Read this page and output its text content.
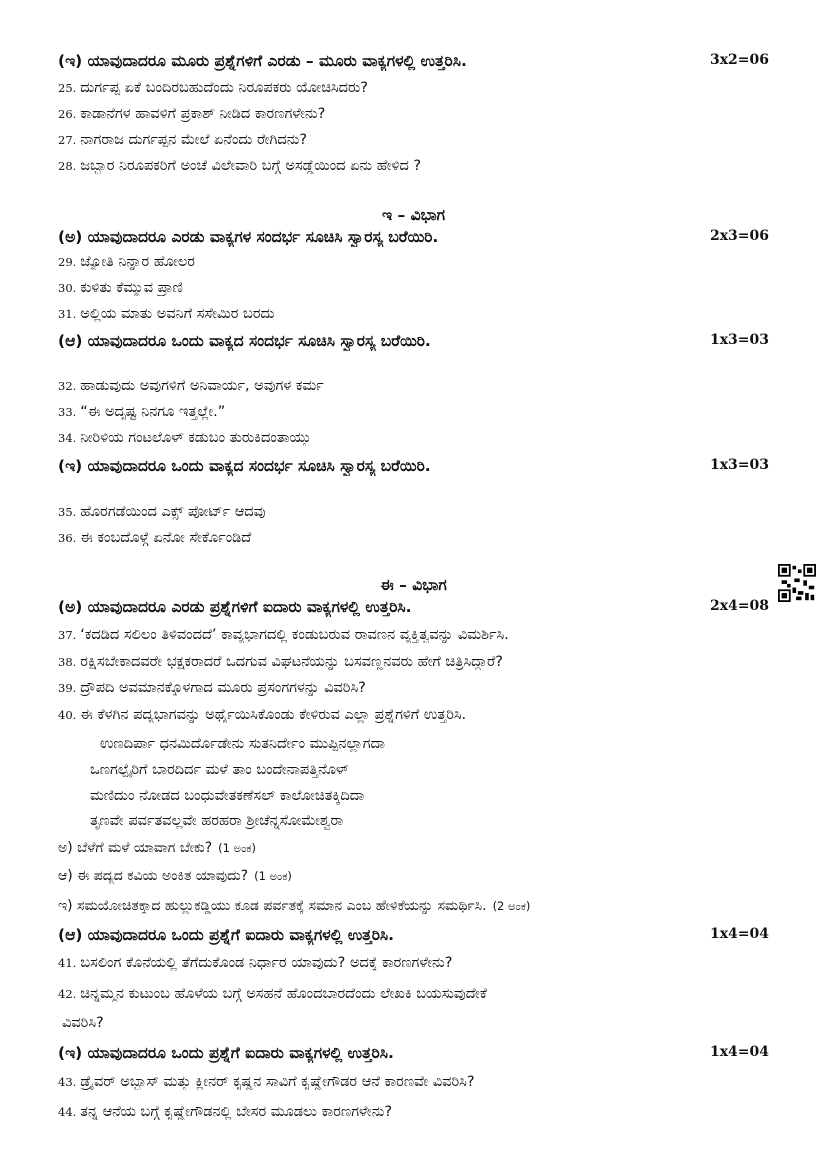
(ಇ) ಯಾವುದಾದರೂ ಮೂರು ಪ್ರಶ್ನೆಗಳಿಗೆ ಎರಡು – ಮೂರು ವಾಕ್ಯಗಳಲ್ಲಿ ಉತ್ತರಿಸಿ.	3x2=06
25. ದುರ್ಗಪ್ಪ ಏಕೆ ಬಂದಿರಬಹುದೆಂದು ನಿರೂಪಕರು ಯೋಚಿಸಿದರು?
26. ಕಾಡಾನೆಗಳ ಹಾವಳಿಗೆ ಪ್ರಕಾಶ್ ನೀಡಿದ ಕಾರಣಗಳೇನು?
27. ನಾಗರಾಜ ದುರ್ಗಪ್ಪನ ಮೇಲೆ ಏನೆಂದು ರೇಗಿದನು?
28. ಜಬ್ಬಾರ ನಿರೂಪಕರಿಗೆ ಅಂಚೆ ವಿಲೇವಾರಿ ಬಗ್ಗೆ ಅಸಡ್ಡೆಯಿಂದ ಏನು ಹೇಳಿದ ?
ಇ – ವಿಭಾಗ
(ಅ) ಯಾವುದಾದರೂ ಎರಡು ವಾಕ್ಯಗಳ ಸಂದರ್ಭ ಸೂಚಿಸಿ ಸ್ವಾರಸ್ಯ ಬರೆಯಿರಿ.	2x3=06
29. ಜ್ಯೋತಿ ನಿನ್ನಾರ ಹೋಲರ
30. ಕುಳಿತು ಕೆಮ್ಮುವ ಪ್ರಾಣಿ
31. ಅಲ್ಲಿಯ ಮಾತು ಅವನಿಗೆ ಸಸೇಮಿರ ಬರದು
(ಆ) ಯಾವುದಾದರೂ ಒಂದು ವಾಕ್ಯದ ಸಂದರ್ಭ ಸೂಚಿಸಿ ಸ್ವಾರಸ್ಯ ಬರೆಯಿರಿ.	1x3=03
32. ಹಾಡುವುದು ಅವುಗಳಿಗೆ ಅನಿವಾರ್ಯ, ಅವುಗಳ ಕರ್ಮ
33. “ಈ ಅದೃಷ್ಟ ನಿನಗೂ ಇತ್ತಲ್ಲೇ.”
34. ನೀರಿಳಿಯ ಗಂಟಲೊಳ್ ಕಡುಬಂ ತುರುಕಿದಂತಾಯ್ತು
(ಇ) ಯಾವುದಾದರೂ ಒಂದು ವಾಕ್ಯದ ಸಂದರ್ಭ ಸೂಚಿಸಿ ಸ್ವಾರಸ್ಯ ಬರೆಯಿರಿ.	1x3=03
35. ಹೊರಗಡೆಯಿಂದ ಎಕ್ಸ್ ಪೋರ್ಟ್ ಆದವು
36. ಈ ಕಂಬದೊಳ್ಗೆ ಏನೋ ಸೇರ್ಕೊಂಡಿದೆ
ಈ – ವಿಭಾಗ
(ಅ) ಯಾವುದಾದರೂ ಎರಡು ಪ್ರಶ್ನೆಗಳಿಗೆ ಐದಾರು ವಾಕ್ಯಗಳಲ್ಲಿ ಉತ್ತರಿಸಿ.	2x4=08
37. ‘ಕದಡಿದ ಸಲಿಲಂ ತಿಳಿವಂದದೆ’ ಕಾವ್ಯಭಾಗದಲ್ಲಿ ಕಂಡುಬರುವ ರಾವಣನ ವ್ಯಕ್ತಿತ್ವವನ್ನು ವಿಮರ್ಶಿಸಿ.
38. ರಕ್ಷಿಸಬೇಕಾದವರೇ ಭಕ್ಷಕರಾದರೆ ಒದಗುವ ವಿಘಟನೆಯನ್ನು ಬಸವಣ್ಣನವರು ಹೇಗೆ ಚಿತ್ರಿಸಿದ್ದಾರೆ?
39. ದ್ರೌಪದಿ ಅವಮಾನಕ್ಕೊಳಗಾದ ಮೂರು ಪ್ರಸಂಗಗಳನ್ನು ವಿವರಿಸಿ?
40. ಈ ಕೆಳಗಿನ ಪದ್ಯಭಾಗವನ್ನು ಅರ್ಥೈಯಿಸಿಕೊಂಡು ಕೇಳಿರುವ ಎಲ್ಲಾ ಪ್ರಶ್ನೆಗಳಿಗೆ ಉತ್ತರಿಸಿ.
ಉಣದಿರ್ಪಾ ಧನಮಿರ್ದೊಡೇನು ಸುತನಿರ್ದೇಂ ಮುಪ್ಪಿನಲ್ಲಾಗದಾ
ಒಣಗಲ್ಪೈರಿಗೆ ಬಾರದಿರ್ದ ಮಳೆ ತಾಂ ಬಂದೇನಾಪತ್ತಿನೊಳ್
ಮಣಿದುಂ ನೋಡದ ಬಂಧುವೇತಕಣೆಸಲ್ ಕಾಲೋಚಿತಕ್ಕಿದಿದಾ
ತೃಣವೇ ಪರ್ವತವಲ್ಲವೇ ಹರಹರಾ ಶ್ರೀಚೆನ್ನಸೋಮೇಶ್ವರಾ
ಅ) ಬೆಳೆಗೆ ಮಳೆ ಯಾವಾಗ ಬೇಕು? (1 ಅಂಕ)
ಆ) ಈ ಪದ್ಯದ ಕವಿಯ ಅಂಕಿತ ಯಾವುದು? (1 ಅಂಕ)
ಇ) ಸಮಯೋಚಿತಕ್ಕಾದ ಹುಲ್ಲುಕಡ್ಡಿಯು ಕೂಡ ಪರ್ವತಕ್ಕೆ ಸಮಾನ ಎಂಬ ಹೇಳಿಕೆಯನ್ನು ಸಮರ್ಥಿಸಿ. (2 ಅಂಕ)
(ಆ) ಯಾವುದಾದರೂ ಒಂದು ಪ್ರಶ್ನೆಗೆ ಐದಾರು ವಾಕ್ಯಗಳಲ್ಲಿ ಉತ್ತರಿಸಿ.	1x4=04
41. ಬಸಲಿಂಗ ಕೊನೆಯಲ್ಲಿ ತೆಗೆದುಕೊಂಡ ನಿರ್ಧಾರ ಯಾವುದು? ಅದಕ್ಕೆ ಕಾರಣಗಳೇನು?
42. ಚಿನ್ನಮ್ಮನ ಕುಟುಂಬ ಹೊಳೆಯ ಬಗ್ಗೆ ಅಸಹನೆ ಹೊಂದಬಾರದೆಂದು ಲೇಖಕಿ ಬಯಸುವುದೇಕೆ
ವಿವರಿಸಿ?
(ಇ) ಯಾವುದಾದರೂ ಒಂದು ಪ್ರಶ್ನೆಗೆ ಐದಾರು ವಾಕ್ಯಗಳಲ್ಲಿ ಉತ್ತರಿಸಿ.	1x4=04
43. ಡ್ರೈವರ್ ಅಬ್ಬಾಸ್ ಮತ್ತು ಕ್ಲೀನರ್ ಕೃಷ್ಣನ ಸಾವಿಗೆ ಕೃಷ್ಣೇಗೌಡರ ಆನೆ ಕಾರಣವೇ ವಿವರಿಸಿ?
44. ತನ್ನ ಆನೆಯ ಬಗ್ಗೆ ಕೃಷ್ಣೇಗೌಡನಲ್ಲಿ ಬೇಸರ ಮೂಡಲು ಕಾರಣಗಳೇನು?
